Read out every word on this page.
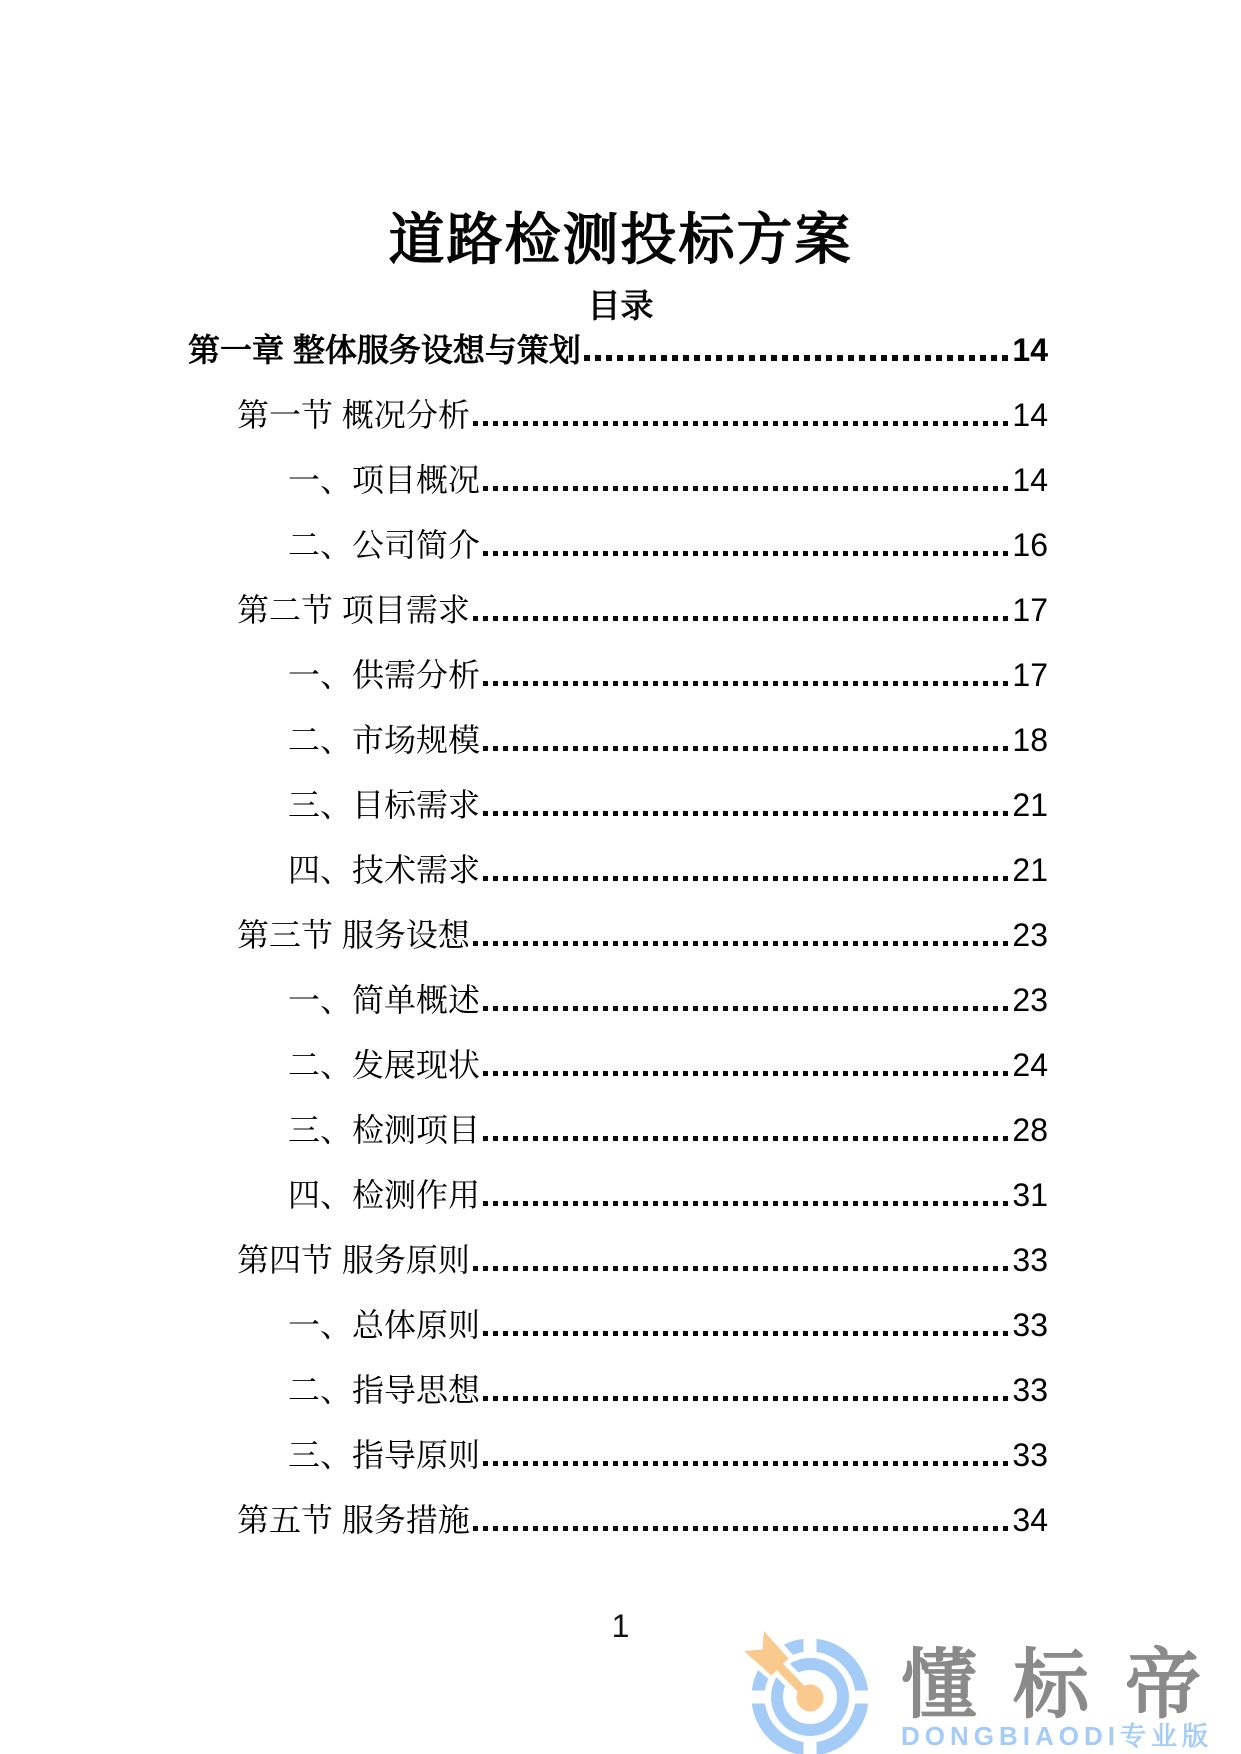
道路检测投标方案
目录
第一章 整体服务设想与策划	14
第一节 概况分析	14
一、项目概况	14
二、公司简介	16
第二节 项目需求	17
一、供需分析	17
二、市场规模	18
三、目标需求	21
四、技术需求	21
第三节 服务设想	23
一、简单概述	23
二、发展现状	24
三、检测项目	28
四、检测作用	31
第四节 服务原则	33
一、总体原则	33
二、指导思想	33
三、指导原则	33
第五节 服务措施	34
1
懂标帝
DONGBIAODI专业版
